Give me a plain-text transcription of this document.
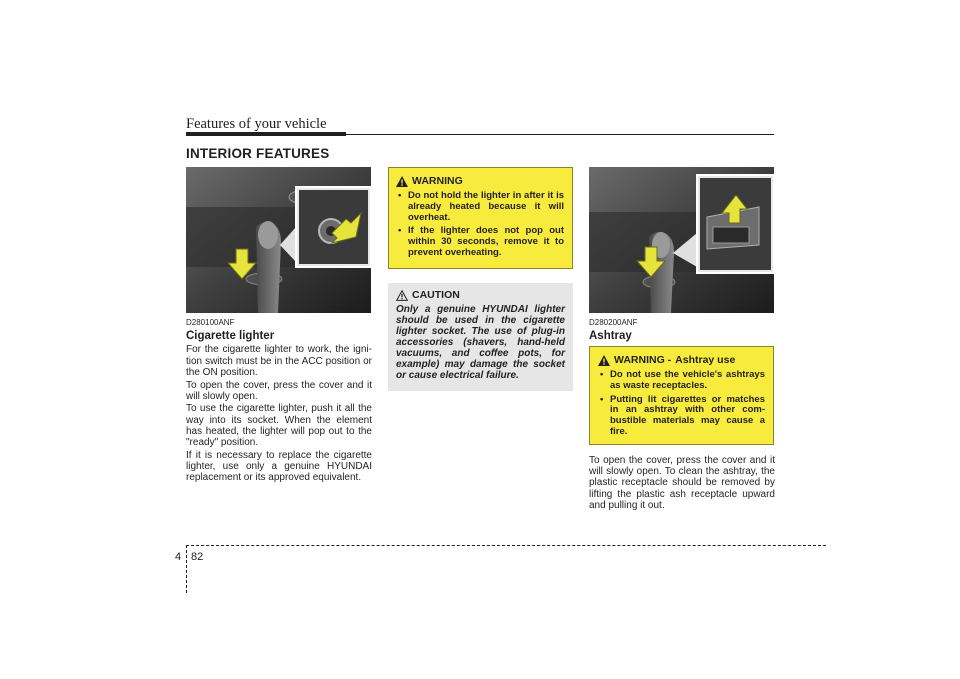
Features of your vehicle
INTERIOR FEATURES
ONF048101
D280100ANF
Cigarette lighter

For the cigarette lighter to work, the igni-tion switch must be in the ACC position or the ON position.

To open the cover, press the cover and it will slowly open.

To use the cigarette lighter, push it all the way into its socket. When the element has heated, the lighter will pop out to the "ready" position.

If it is necessary to replace the cigarette lighter, use only a genuine HYUNDAI replacement or its approved equivalent.

WARNING
• Do not hold the lighter in after it is already heated because it will overheat.
• If the lighter does not pop out within 30 seconds, remove it to prevent overheating.
CAUTION
Only a genuine HYUNDAI lighter should be used in the cigarette lighter socket. The use of plug-in accessories (shavers, hand-held vacuums, and coffee pots, for example) may damage the socket or cause electrical failure.
ONF048102
D280200ANF
Ashtray
WARNING - Ashtray use
• Do not use the vehicle's ashtrays as waste receptacles.
• Putting lit cigarettes or matches in an ashtray with other com-bustible materials may cause a fire.

To open the cover, press the cover and it will slowly open. To clean the ashtray, the plastic receptacle should be removed by lifting the plastic ash receptacle upward and pulling it out.

4 82
